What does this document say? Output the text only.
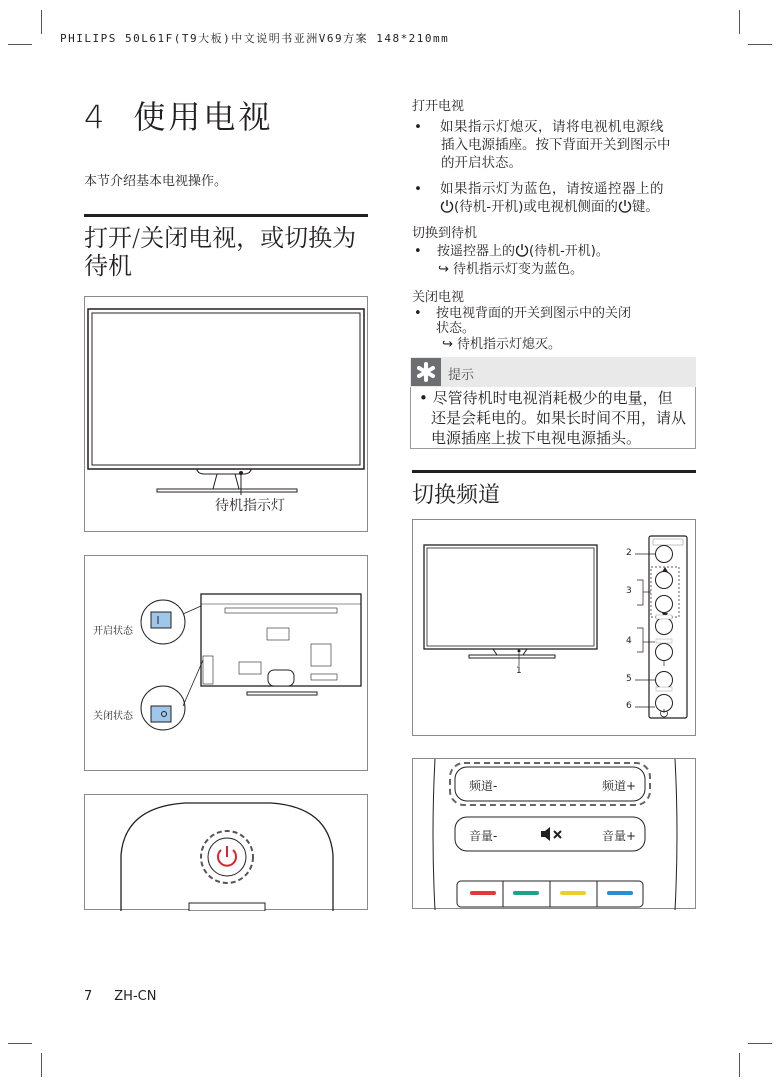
PHILIPS 50L61F(T9大板)中文说明书亚洲V69方案 148*210mm
4 使用电视
本节介绍基本电视操作。
打开/关闭电视，或切换为
待机
待机指示灯
开启状态
关闭状态
打开电视
• 如果指示灯熄灭，请将电视机电源线
插入电源插座。按下背面开关到图示中
的开启状态。
• 如果指示灯为蓝色，请按遥控器上的
(待机-开机)或电视机侧面的 键。
切换到待机
• 按遥控器上的 (待机-开机)。
↪ 待机指示灯变为蓝色。
关闭电视
• 按电视背面的开关到图示中的关闭
状态。
↪ 待机指示灯熄灭。
提示
• 尽管待机时电视消耗极少的电量，但
还是会耗电的。如果长时间不用，请从
电源插座上拔下电视电源插头。
切换频道
2
3
4
5
6
1
频道-	频道+
音量-	音量+
7 ZH-CN
